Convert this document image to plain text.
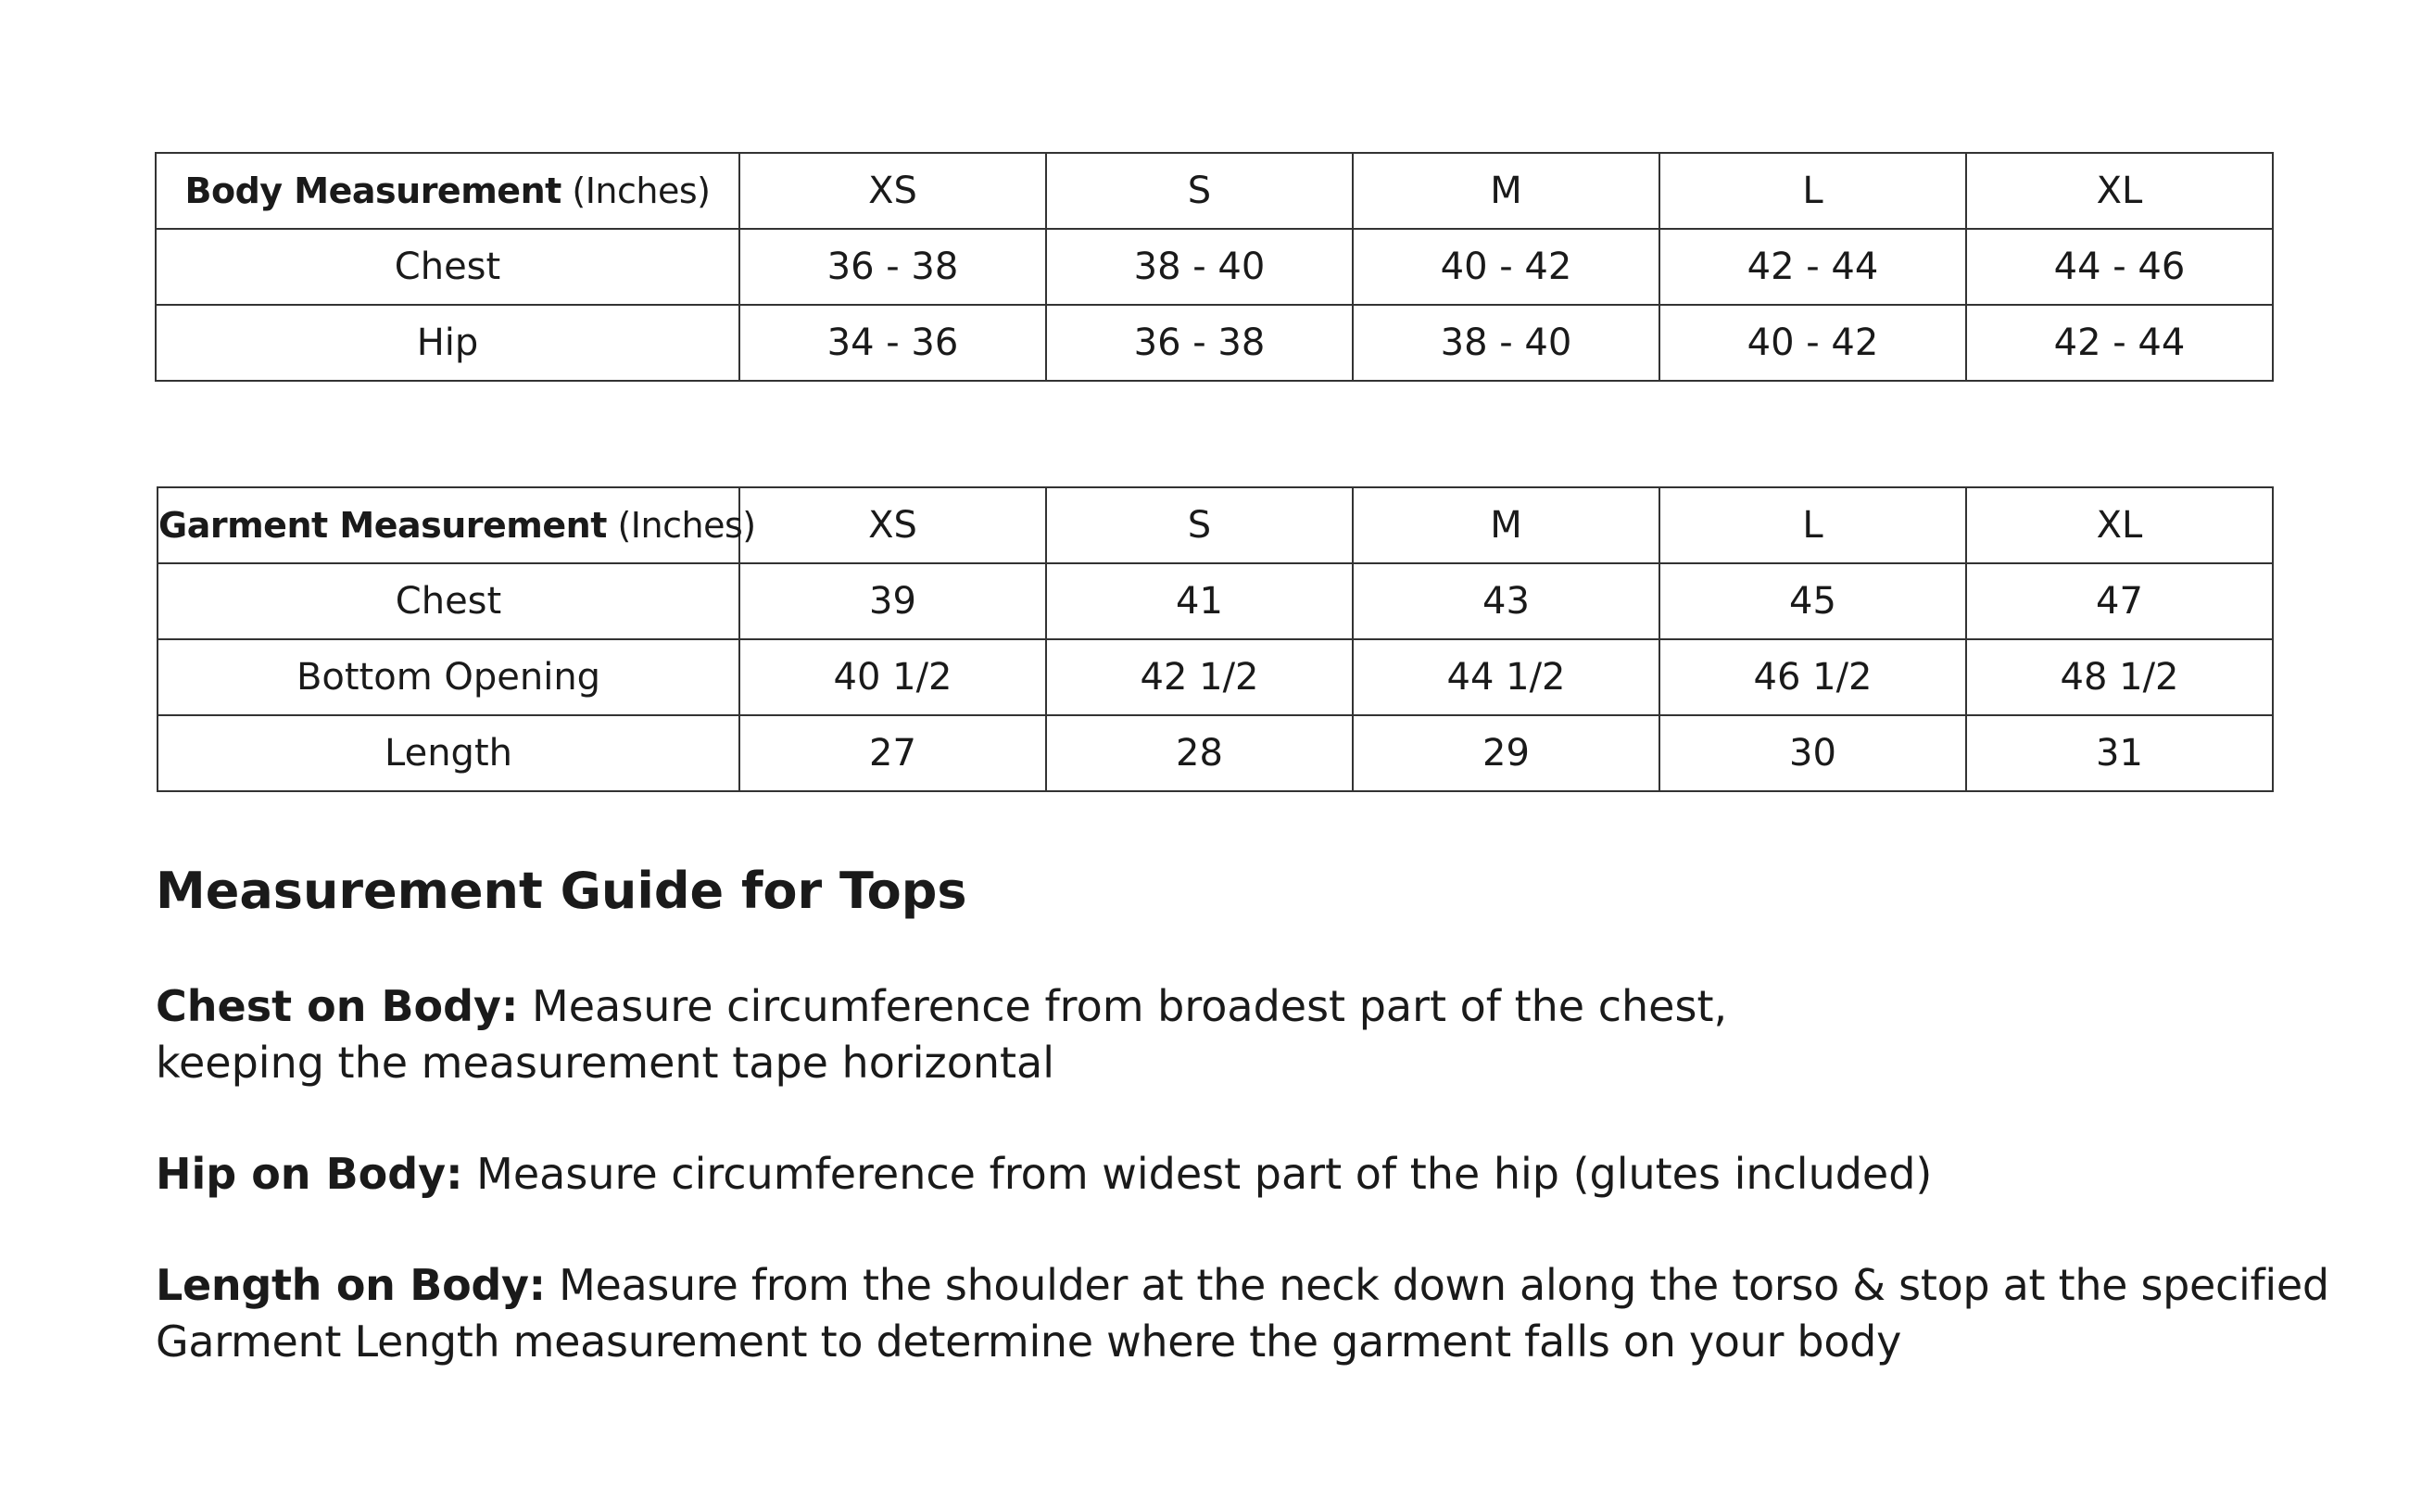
Body Measurement (Inches)	XS	S	M	L	XL
Chest	36 - 38	38 - 40	40 - 42	42 - 44	44 - 46
Hip	34 - 36	36 - 38	38 - 40	40 - 42	42 - 44
Garment Measurement (Inches)	XS	S	M	L	XL
Chest	39	41	43	45	47
Bottom Opening	40 1/2	42 1/2	44 1/2	46 1/2	48 1/2
Length	27	28	29	30	31
Measurement Guide for Tops

Chest on Body: Measure circumference from broadest part of the chest,
keeping the measurement tape horizontal

Hip on Body: Measure circumference from widest part of the hip (glutes included)

Length on Body: Measure from the shoulder at the neck down along the torso & stop at the specified
Garment Length measurement to determine where the garment falls on your body
